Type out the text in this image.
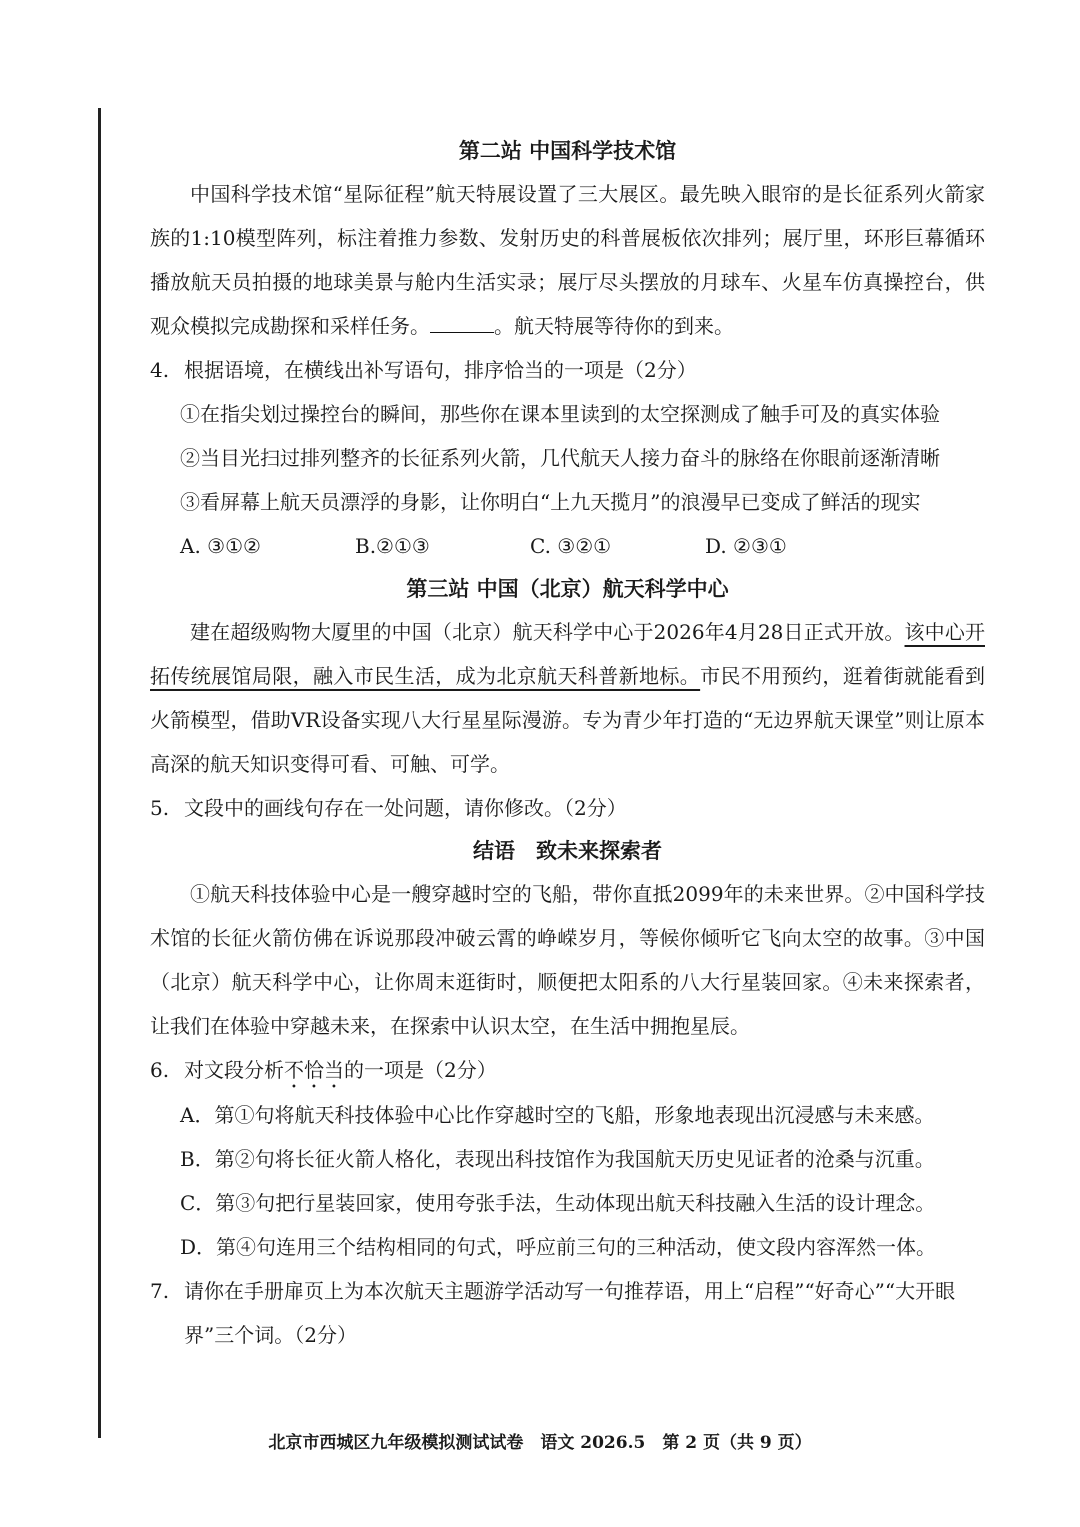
第二站 中国科学技术馆
中国科学技术馆“星际征程”航天特展设置了三大展区。最先映入眼帘的是长征系列火箭家族的1:10模型阵列，标注着推力参数、发射历史的科普展板依次排列；展厅里，环形巨幕循环播放航天员拍摄的地球美景与舱内生活实录；展厅尽头摆放的月球车、火星车仿真操控台，供观众模拟完成勘探和采样任务。	。航天特展等待你的到来。
4. 根据语境，在横线出补写语句，排序恰当的一项是（2分）
①在指尖划过操控台的瞬间，那些你在课本里读到的太空探测成了触手可及的真实体验
②当目光扫过排列整齐的长征系列火箭，几代航天人接力奋斗的脉络在你眼前逐渐清晰
③看屏幕上航天员漂浮的身影，让你明白“上九天揽月”的浪漫早已变成了鲜活的现实
A. ③①②	B.②①③	C. ③②①	D. ②③①
第三站 中国（北京）航天科学中心
建在超级购物大厦里的中国（北京）航天科学中心于2026年4月28日正式开放。该中心开拓传统展馆局限，融入市民生活，成为北京航天科普新地标。市民不用预约，逛着街就能看到火箭模型，借助VR设备实现八大行星星际漫游。专为青少年打造的“无边界航天课堂”则让原本高深的航天知识变得可看、可触、可学。
5. 文段中的画线句存在一处问题，请你修改。（2分）
结语　致未来探索者
①航天科技体验中心是一艘穿越时空的飞船，带你直抵2099年的未来世界。②中国科学技术馆的长征火箭仿佛在诉说那段冲破云霄的峥嵘岁月，等候你倾听它飞向太空的故事。③中国（北京）航天科学中心，让你周末逛街时，顺便把太阳系的八大行星装回家。④未来探索者，让我们在体验中穿越未来，在探索中认识太空，在生活中拥抱星辰。
6. 对文段分析不恰当的一项是（2分）
A．第①句将航天科技体验中心比作穿越时空的飞船，形象地表现出沉浸感与未来感。
B．第②句将长征火箭人格化，表现出科技馆作为我国航天历史见证者的沧桑与沉重。
C．第③句把行星装回家，使用夸张手法，生动体现出航天科技融入生活的设计理念。
D．第④句连用三个结构相同的句式，呼应前三句的三种活动，使文段内容浑然一体。
7. 请你在手册扉页上为本次航天主题游学活动写一句推荐语，用上“启程”“好奇心”“大开眼界”三个词。（2分）
北京市西城区九年级模拟测试试卷　语文 2026.5　第 2 页（共 9 页）
